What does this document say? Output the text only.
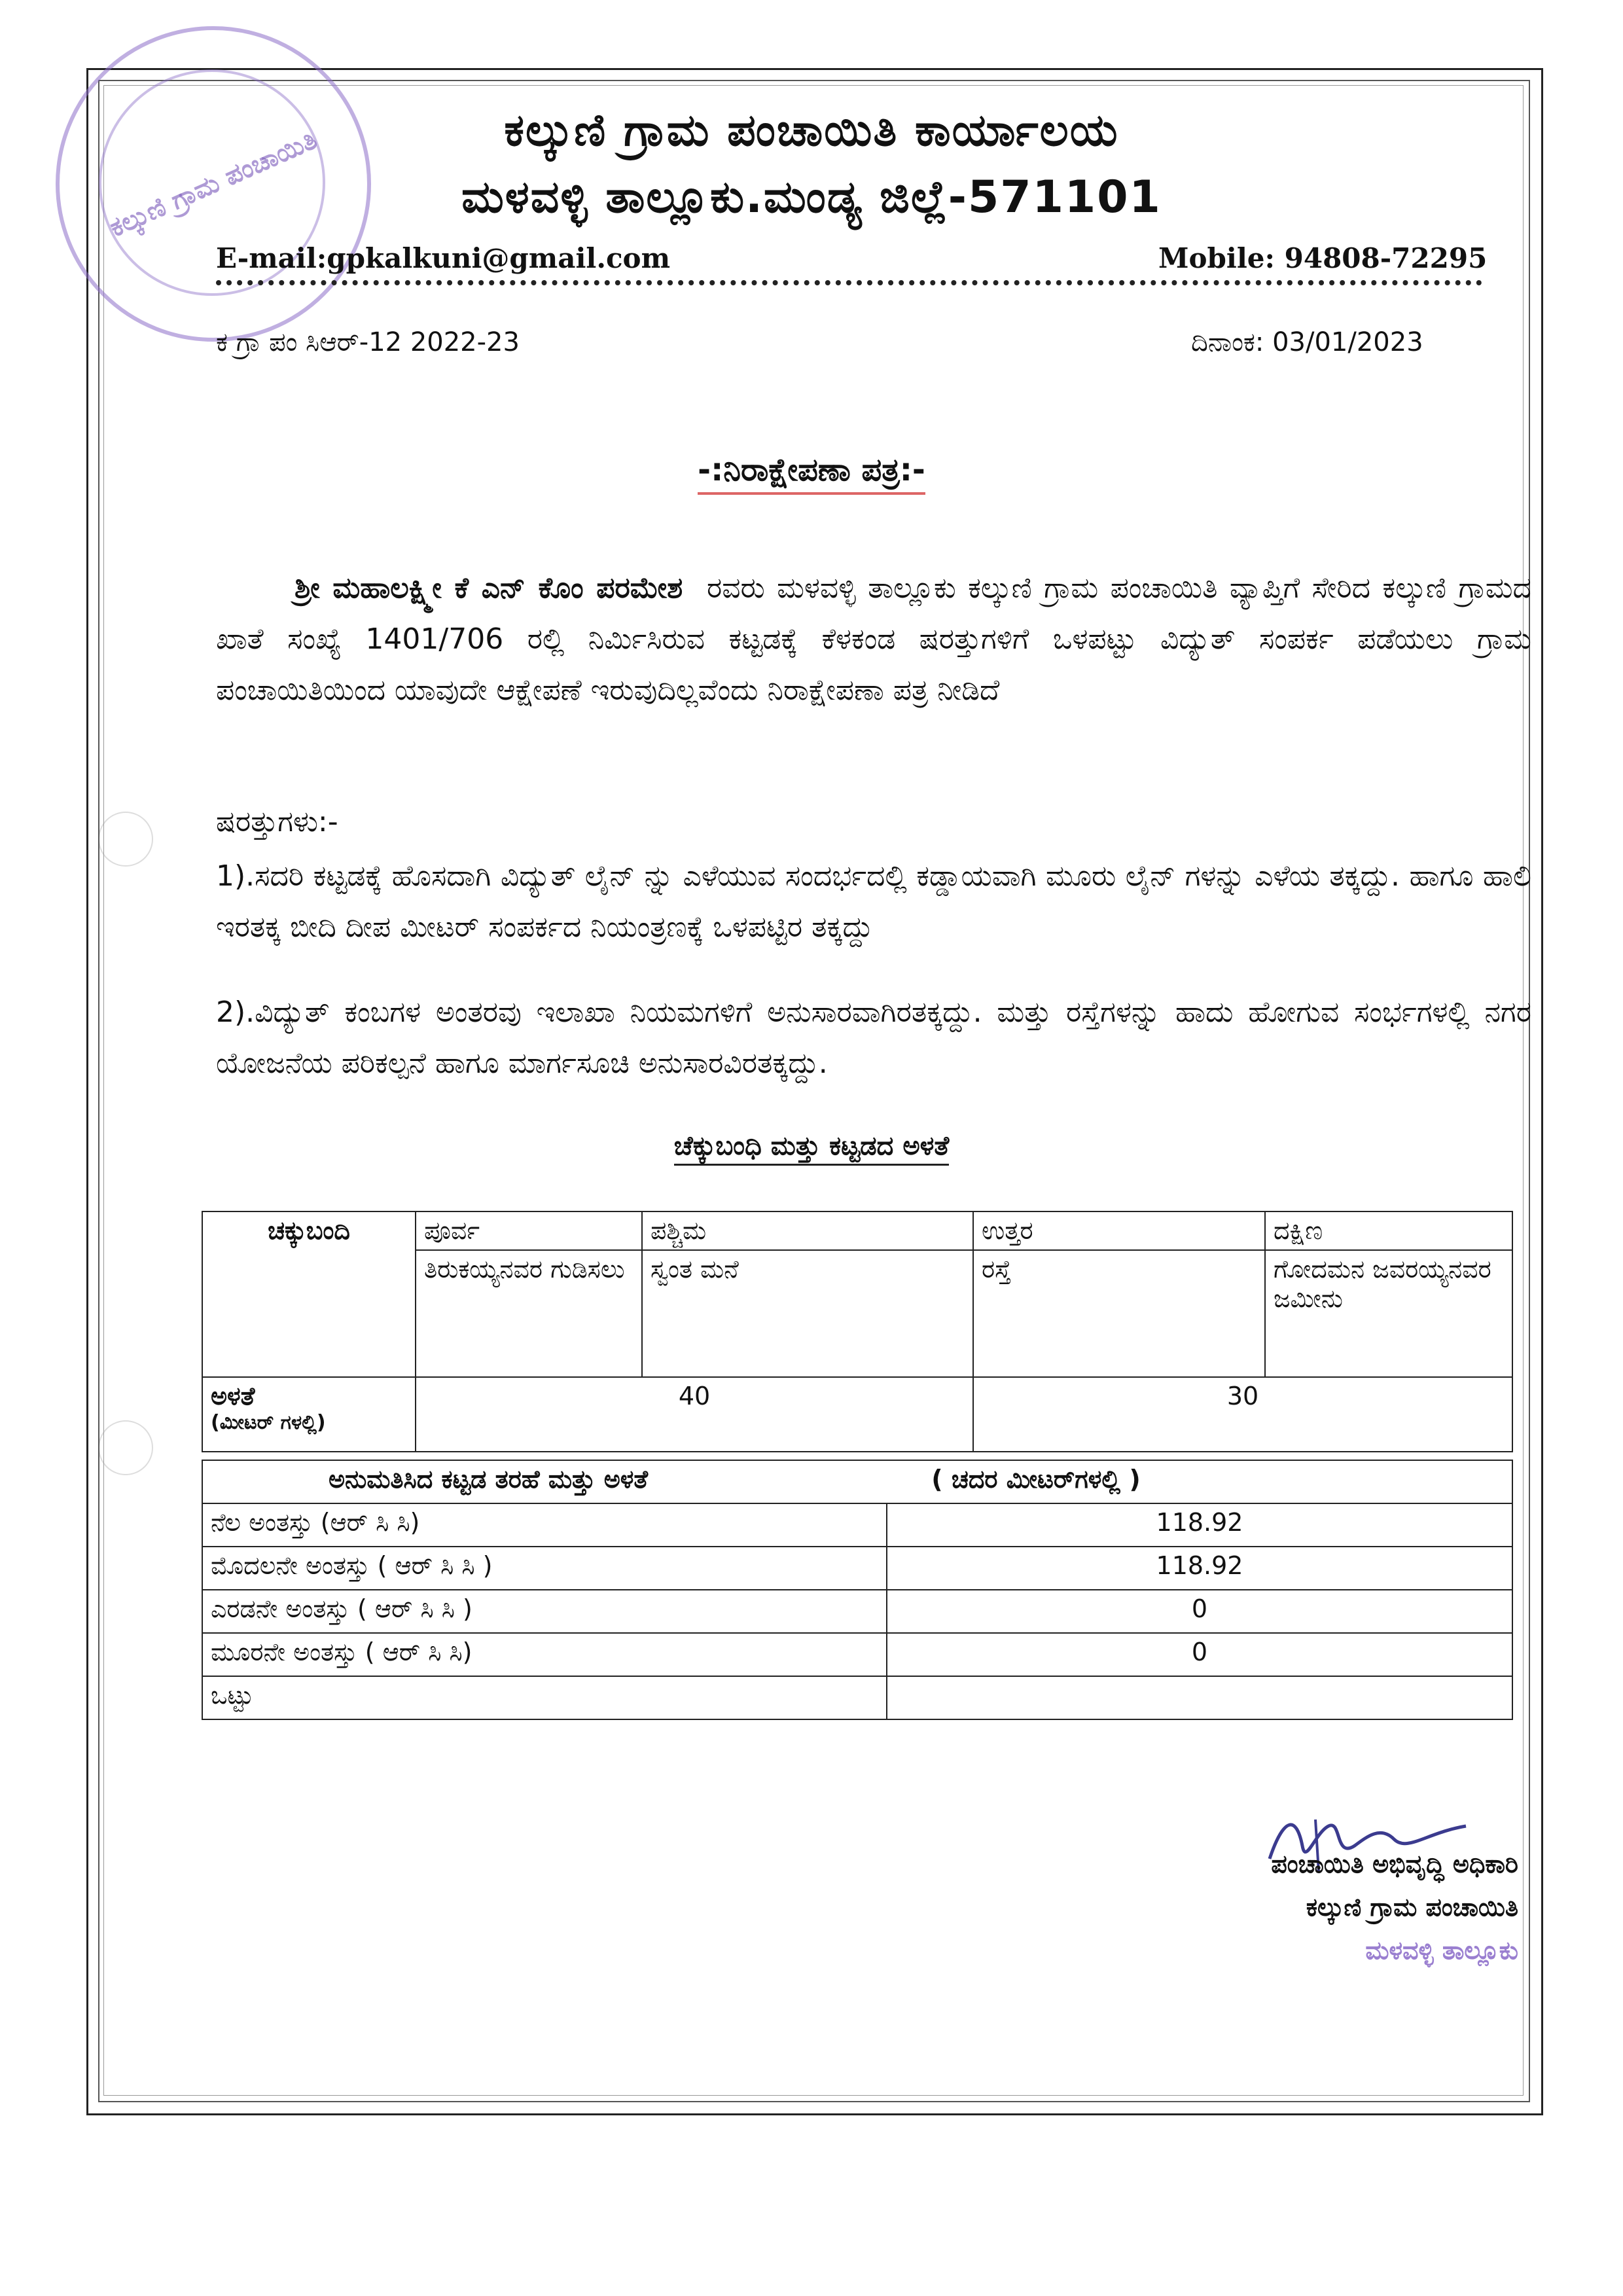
ಕಲ್ಕುಣಿ ಗ್ರಾಮ ಪಂಚಾಯಿತಿ	ಕಲ್ಕುಣಿ ಗ್ರಾಮ ಪಂಚಾಯಿತಿ ಕಾರ್ಯಾಲಯ
ಮಳವಳ್ಳಿ ತಾಲ್ಲೂಕು.ಮಂಡ್ಯ ಜಿಲ್ಲೆ-571101
E-mail:gpkalkuni@gmail.com	Mobile: 94808-72295
ಕ ಗ್ರಾ ಪಂ ಸಿಆರ್-12 2022-23	ದಿನಾಂಕ: 03/01/2023
-:ನಿರಾಕ್ಷೇಪಣಾ ಪತ್ರ:-
ಶ್ರೀ ಮಹಾಲಕ್ಷ್ಮೀ ಕೆ ಎನ್ ಕೊಂ ಪರಮೇಶ ರವರು ಮಳವಳ್ಳಿ ತಾಲ್ಲೂಕು ಕಲ್ಕುಣಿ ಗ್ರಾಮ ಪಂಚಾಯಿತಿ ವ್ಯಾಪ್ತಿಗೆ ಸೇರಿದ ಕಲ್ಕುಣಿ ಗ್ರಾಮದ ಖಾತೆ ಸಂಖ್ಯೆ 1401/706 ರಲ್ಲಿ ನಿರ್ಮಿಸಿರುವ ಕಟ್ಟಡಕ್ಕೆ ಕೆಳಕಂಡ ಷರತ್ತುಗಳಿಗೆ ಒಳಪಟ್ಟು ವಿದ್ಯುತ್ ಸಂಪರ್ಕ ಪಡೆಯಲು ಗ್ರಾಮ ಪಂಚಾಯಿತಿಯಿಂದ ಯಾವುದೇ ಆಕ್ಷೇಪಣೆ ಇರುವುದಿಲ್ಲವೆಂದು ನಿರಾಕ್ಷೇಪಣಾ ಪತ್ರ ನೀಡಿದೆ
ಷರತ್ತುಗಳು:-
1).ಸದರಿ ಕಟ್ಟಡಕ್ಕೆ ಹೊಸದಾಗಿ ವಿದ್ಯುತ್ ಲೈನ್ ನ್ನು ಎಳೆಯುವ ಸಂದರ್ಭದಲ್ಲಿ ಕಡ್ಡಾಯವಾಗಿ ಮೂರು ಲೈನ್ ಗಳನ್ನು ಎಳೆಯ ತಕ್ಕದ್ದು. ಹಾಗೂ ಹಾಲಿ ಇರತಕ್ಕ ಬೀದಿ ದೀಪ ಮೀಟರ್ ಸಂಪರ್ಕದ ನಿಯಂತ್ರಣಕ್ಕೆ ಒಳಪಟ್ಟಿರ ತಕ್ಕದ್ದು
2).ವಿದ್ಯುತ್ ಕಂಬಗಳ ಅಂತರವು ಇಲಾಖಾ ನಿಯಮಗಳಿಗೆ ಅನುಸಾರವಾಗಿರತಕ್ಕದ್ದು. ಮತ್ತು ರಸ್ತೆಗಳನ್ನು ಹಾದು ಹೋಗುವ ಸಂರ್ಭಗಳಲ್ಲಿ ನಗರ ಯೋಜನೆಯ ಪರಿಕಲ್ಪನೆ ಹಾಗೂ ಮಾರ್ಗಸೂಚಿ ಅನುಸಾರವಿರತಕ್ಕದ್ದು.
ಚೆಕ್ಕುಬಂಧಿ ಮತ್ತು ಕಟ್ಟಡದ ಅಳತೆ
ಚಕ್ಕುಬಂದಿ	ಪೂರ್ವ	ಪಶ್ಚಿಮ	ಉತ್ತರ	ದಕ್ಷಿಣ
	ತಿರುಕಯ್ಯನವರ ಗುಡಿಸಲು	ಸ್ವಂತ ಮನೆ	ರಸ್ತೆ	ಗೋದಮನ ಜವರಯ್ಯನವರ ಜಮೀನು

ಅಳತೆ
(ಮೀಟರ್ ಗಳಲ್ಲಿ)	40		30	
ಅನುಮತಿಸಿದ ಕಟ್ಟಡ ತರಹೆ ಮತ್ತು ಅಳತೆ ( ಚದರ ಮೀಟರ್‌ಗಳಲ್ಲಿ )	
ನೆಲ ಅಂತಸ್ತು (ಆರ್ ಸಿ ಸಿ)	118.92
ಮೊದಲನೇ ಅಂತಸ್ತು ( ಆರ್ ಸಿ ಸಿ )	118.92
ಎರಡನೇ ಅಂತಸ್ತು ( ಆರ್ ಸಿ ಸಿ )	0
ಮೂರನೇ ಅಂತಸ್ತು ( ಆರ್ ಸಿ ಸಿ)	0
ಒಟ್ಟು	
ಪಂಚಾಯಿತಿ ಅಭಿವೃದ್ಧಿ ಅಧಿಕಾರಿ
ಕಲ್ಕುಣಿ ಗ್ರಾಮ ಪಂಚಾಯಿತಿ
ಮಳವಳ್ಳಿ ತಾಲ್ಲೂಕು
